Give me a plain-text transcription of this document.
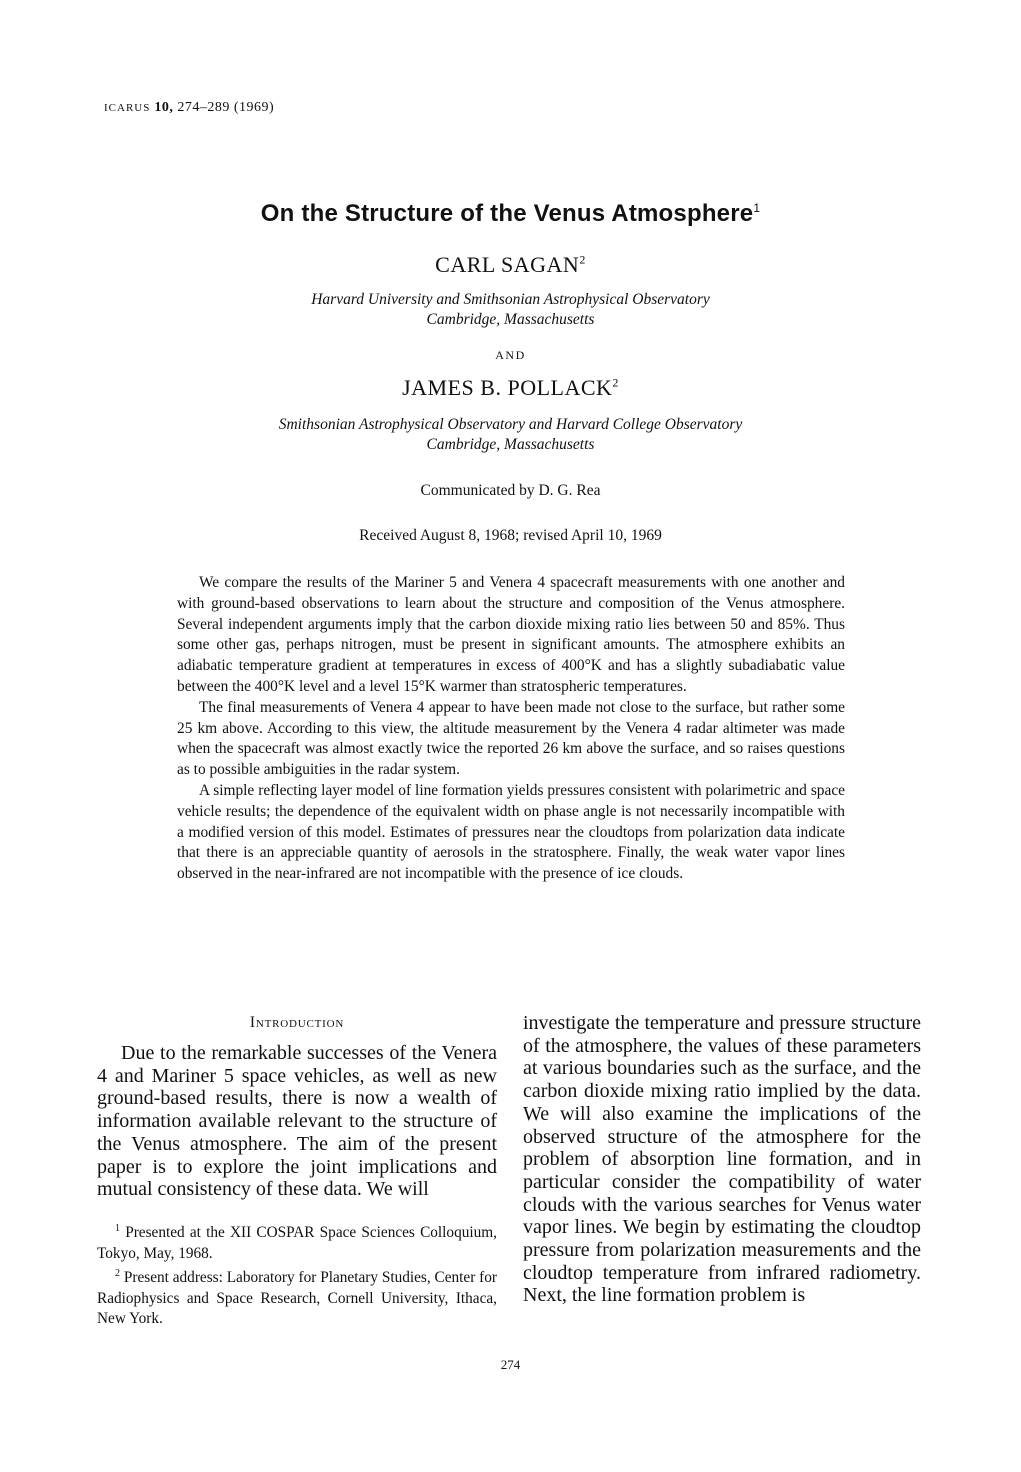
ICARUS 10, 274–289 (1969)
On the Structure of the Venus Atmosphere$^1$
CARL SAGAN$^2$
Harvard University and Smithsonian Astrophysical Observatory
Cambridge, Massachusetts
AND
JAMES B. POLLACK$^2$
Smithsonian Astrophysical Observatory and Harvard College Observatory
Cambridge, Massachusetts
Communicated by D. G. Rea
Received August 8, 1968; revised April 10, 1969

We compare the results of the Mariner 5 and Venera 4 spacecraft measurements with one another and with ground-based observations to learn about the structure and composition of the Venus atmosphere. Several independent arguments imply that the carbon dioxide mixing ratio lies between 50 and 85%. Thus some other gas, perhaps nitrogen, must be present in significant amounts. The atmosphere exhibits an adiabatic temperature gradient at temperatures in excess of 400°K and has a slightly subadiabatic value between the 400°K level and a level 15°K warmer than stratospheric temperatures.

The final measurements of Venera 4 appear to have been made not close to the surface, but rather some 25 km above. According to this view, the altitude measurement by the Venera 4 radar altimeter was made when the spacecraft was almost exactly twice the reported 26 km above the surface, and so raises questions as to possible ambiguities in the radar system.

A simple reflecting layer model of line formation yields pressures consistent with polarimetric and space vehicle results; the dependence of the equivalent width on phase angle is not necessarily incompatible with a modified version of this model. Estimates of pressures near the cloudtops from polarization data indicate that there is an appreciable quantity of aerosols in the stratosphere. Finally, the weak water vapor lines observed in the near-infrared are not incompatible with the presence of ice clouds.

Introduction

Due to the remarkable successes of the Venera 4 and Mariner 5 space vehicles, as well as new ground-based results, there is now a wealth of information available relevant to the structure of the Venus atmosphere. The aim of the present paper is to explore the joint implications and mutual consistency of these data. We will

$^1$ Presented at the XII COSPAR Space Sciences Colloquium, Tokyo, May, 1968.

$^2$ Present address: Laboratory for Planetary Studies, Center for Radiophysics and Space Research, Cornell University, Ithaca, New York.

investigate the temperature and pressure structure of the atmosphere, the values of these parameters at various boundaries such as the surface, and the carbon dioxide mixing ratio implied by the data. We will also examine the implications of the observed structure of the atmosphere for the problem of absorption line formation, and in particular consider the compatibility of water clouds with the various searches for Venus water vapor lines. We begin by estimating the cloudtop pressure from polarization measurements and the cloudtop temperature from infrared radiometry. Next, the line formation problem is

274
